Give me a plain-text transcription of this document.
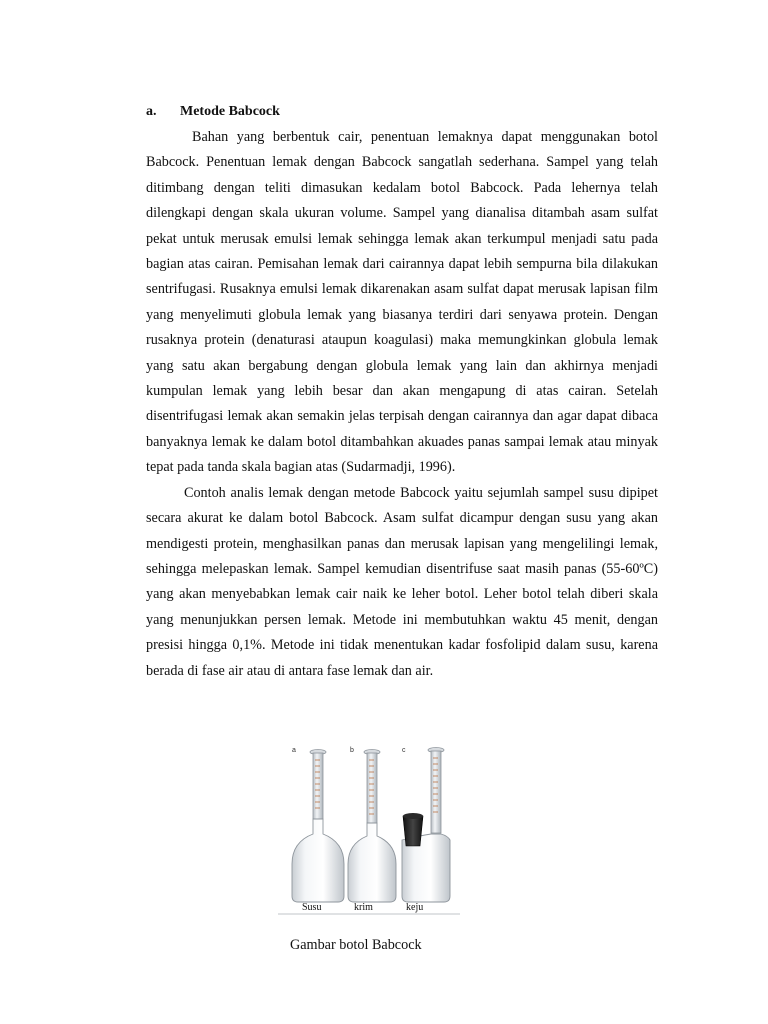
a. Metode Babcock

Bahan yang berbentuk cair, penentuan lemaknya dapat menggunakan botol Babcock. Penentuan lemak dengan Babcock sangatlah sederhana. Sampel yang telah ditimbang dengan teliti dimasukan kedalam botol Babcock. Pada lehernya telah dilengkapi dengan skala ukuran volume. Sampel yang dianalisa ditambah asam sulfat pekat untuk merusak emulsi lemak sehingga lemak akan terkumpul menjadi satu pada bagian atas cairan. Pemisahan lemak dari cairannya dapat lebih sempurna bila dilakukan sentrifugasi. Rusaknya emulsi lemak dikarenakan asam sulfat dapat merusak lapisan film yang menyelimuti globula lemak yang biasanya terdiri dari senyawa protein. Dengan rusaknya protein (denaturasi ataupun koagulasi) maka memungkinkan globula lemak yang satu akan bergabung dengan globula lemak yang lain dan akhirnya menjadi kumpulan lemak yang lebih besar dan akan mengapung di atas cairan. Setelah disentrifugasi lemak akan semakin jelas terpisah dengan cairannya dan agar dapat dibaca banyaknya lemak ke dalam botol ditambahkan akuades panas sampai lemak atau minyak tepat pada tanda skala bagian atas (Sudarmadji, 1996).

Contoh analis lemak dengan metode Babcock yaitu sejumlah sampel susu dipipet secara akurat ke dalam botol Babcock. Asam sulfat dicampur dengan susu yang akan mendigesti protein, menghasilkan panas dan merusak lapisan yang mengelilingi lemak, sehingga melepaskan lemak. Sampel kemudian disentrifuse saat masih panas (55-60ºC) yang akan menyebabkan lemak cair naik ke leher botol. Leher botol telah diberi skala yang menunjukkan persen lemak. Metode ini membutuhkan waktu 45 menit, dengan presisi hingga 0,1%. Metode ini tidak menentukan kadar fosfolipid dalam susu, karena berada di fase air atau di antara fase lemak dan air.

a	b	c
Susu	krim	keju
Gambar botol Babcock
